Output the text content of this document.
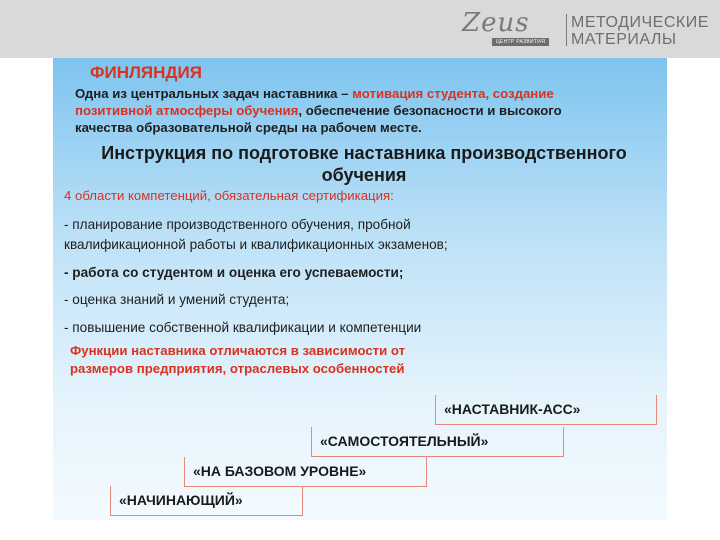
Zeus
ЦЕНТР РАЗВИТИЯ
МЕТОДИЧЕСКИЕ
МАТЕРИАЛЫ
ФИНЛЯНДИЯ
Одна из центральных задач наставника – мотивация студента, создание
позитивной атмосферы обучения, обеспечение безопасности и высокого
качества образовательной среды на рабочем месте.
Инструкция по подготовке наставника производственного
обучения
4 области компетенций, обязательная сертификация:
- планирование производственного обучения, пробной
квалификационной работы и квалификационных экзаменов;
- работа со студентом и оценка его успеваемости;
- оценка знаний и умений студента;
- повышение собственной квалификации и компетенции
Функции наставника отличаются в зависимости от
размеров предприятия, отраслевых особенностей
«НАСТАВНИК-АСС»
«САМОСТОЯТЕЛЬНЫЙ»
«НА БАЗОВОМ УРОВНЕ»
«НАЧИНАЮЩИЙ»
